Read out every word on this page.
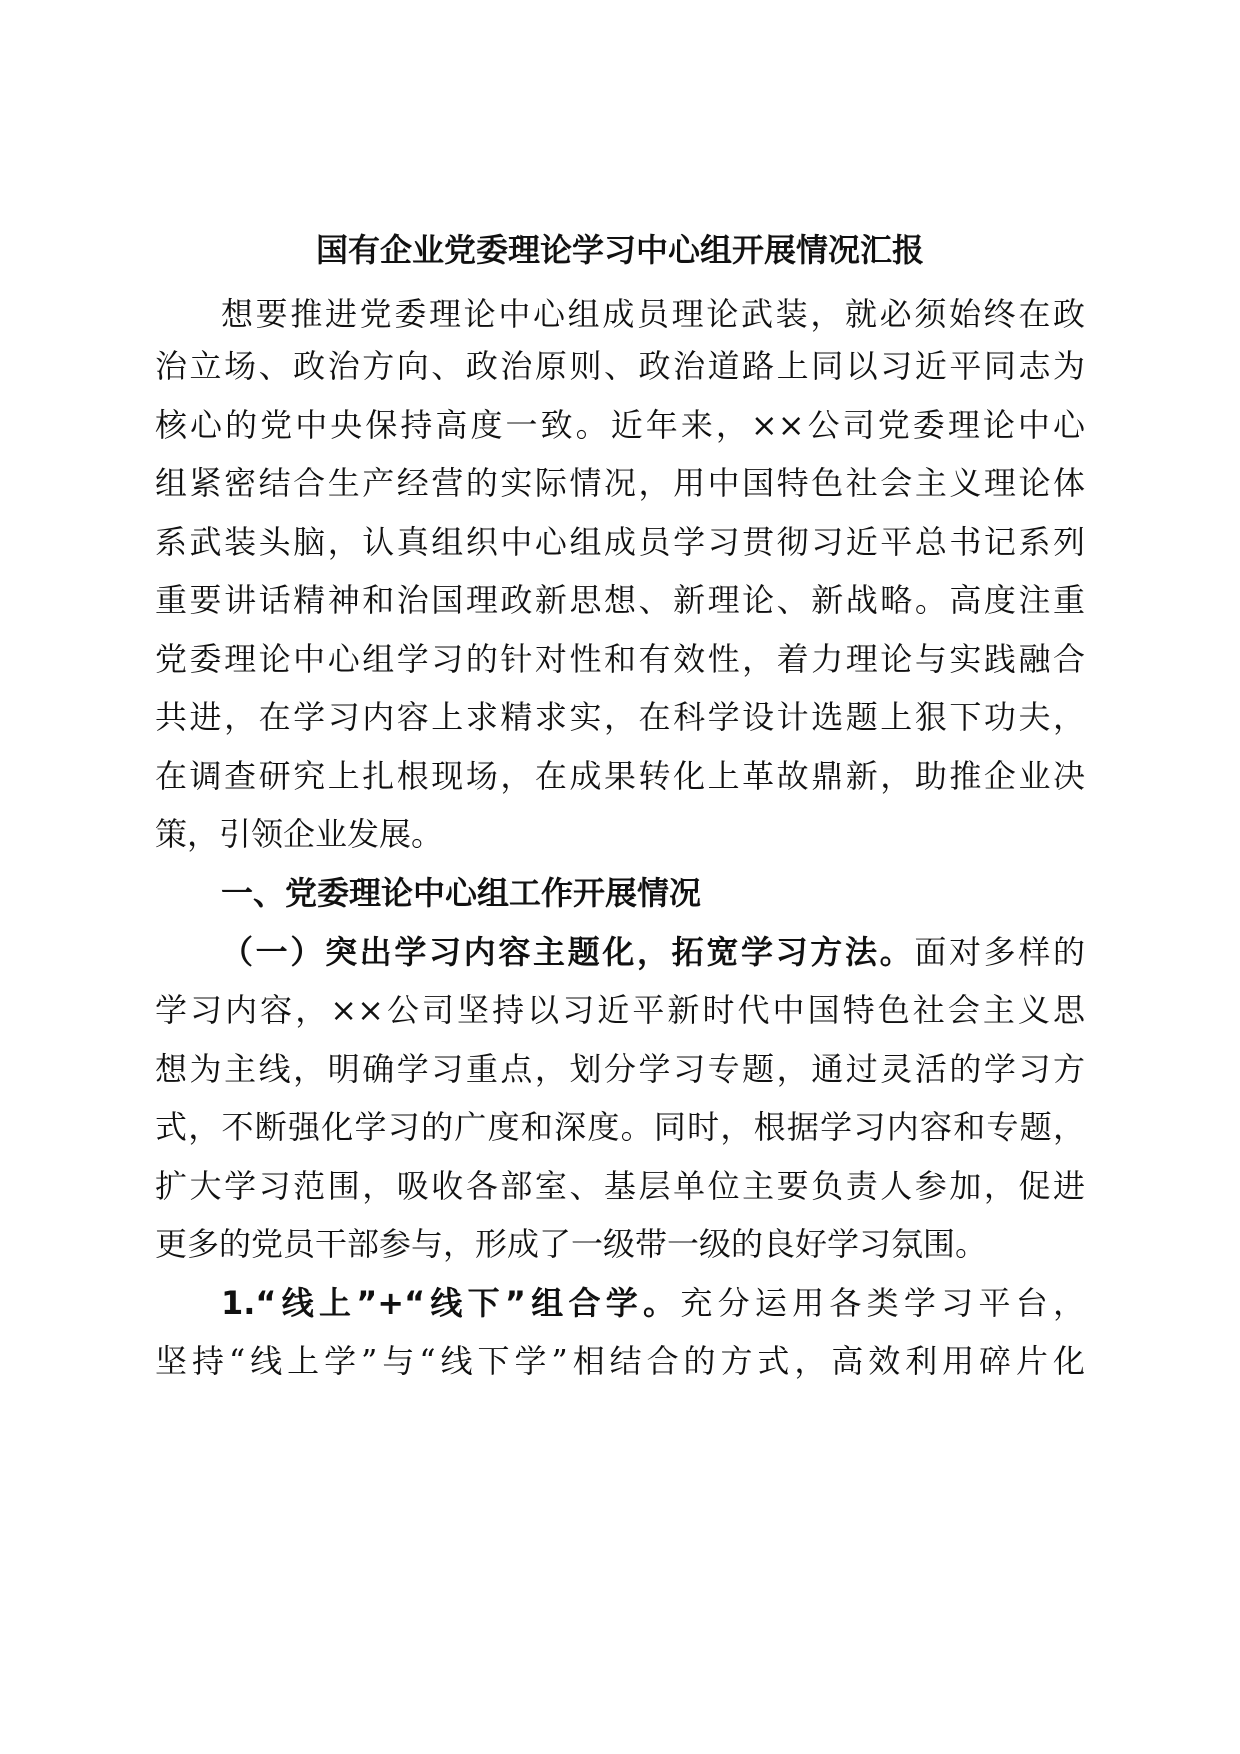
国有企业党委理论学习中心组开展情况汇报
想要推进党委理论中心组成员理论武装，就必须始终在政
治立场、政治方向、政治原则、政治道路上同以习近平同志为
核心的党中央保持高度一致。近年来，××公司党委理论中心
组紧密结合生产经营的实际情况，用中国特色社会主义理论体
系武装头脑，认真组织中心组成员学习贯彻习近平总书记系列
重要讲话精神和治国理政新思想、新理论、新战略。高度注重
党委理论中心组学习的针对性和有效性，着力理论与实践融合
共进，在学习内容上求精求实，在科学设计选题上狠下功夫，
在调查研究上扎根现场，在成果转化上革故鼎新，助推企业决
策，引领企业发展。
一、党委理论中心组工作开展情况
（一）突出学习内容主题化，拓宽学习方法。面对多样的
学习内容，××公司坚持以习近平新时代中国特色社会主义思
想为主线，明确学习重点，划分学习专题，通过灵活的学习方
式，不断强化学习的广度和深度。同时，根据学习内容和专题，
扩大学习范围，吸收各部室、基层单位主要负责人参加，促进
更多的党员干部参与，形成了一级带一级的良好学习氛围。
1.“线上”+“线下”组合学。充分运用各类学习平台，
坚持“线上学”与“线下学”相结合的方式，高效利用碎片化
